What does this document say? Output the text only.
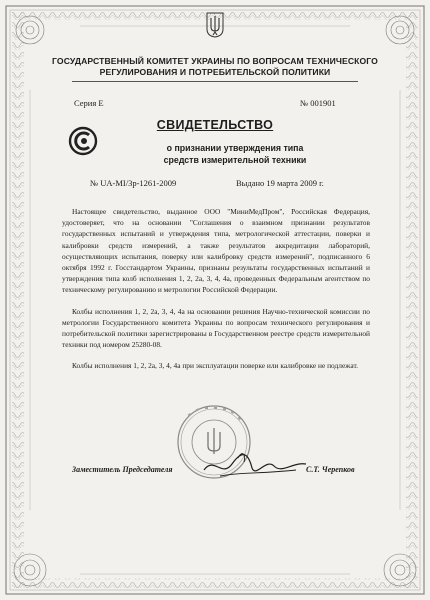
ГОСУДАРСТВЕННЫЙ КОМИТЕТ УКРАИНЫ ПО ВОПРОСАМ ТЕХНИЧЕСКОГО РЕГУЛИРОВАНИЯ И ПОТРЕБИТЕЛЬСКОЙ ПОЛИТИКИ
Серия Е	№ 001901
СВИДЕТЕЛЬСТВО
о признании утверждения типа
средств измерительной техники
№ UA-MI/3p-1261-2009	Выдано 19 марта 2009 г.

Настоящее свидетельство, выданное ООО "МиниМедПром", Российская Федерация, удостоверяет, что на основании "Соглашения о взаимном признании результатов государственных испытаний и утверждения типа, метрологической аттестации, поверки и калибровки средств измерений, а также результатов аккредитации лабораторий, осуществляющих испытания, поверку или калибровку средств измерений", подписанного 6 октября 1992 г. Госстандартом Украины, признаны результаты государственных испытаний и утверждения типа колб исполнения 1, 2, 2а, 3, 4, 4а, проведенных Федеральным агентством по техническому регулированию и метрологии Российской Федерации.

Колбы исполнения 1, 2, 2а, 3, 4, 4а на основании решения Научно-технической комиссии по метрологии Государственного комитета Украины по вопросам технического регулирования и потребительской политики зарегистрированы в Государственном реестре средств измерительной техники под номером 25280-08.

Колбы исполнения 1, 2, 2а, 3, 4, 4а при эксплуатации поверке или калибровке не подлежат.

Заместитель Председателя	С.Т. Черепков
